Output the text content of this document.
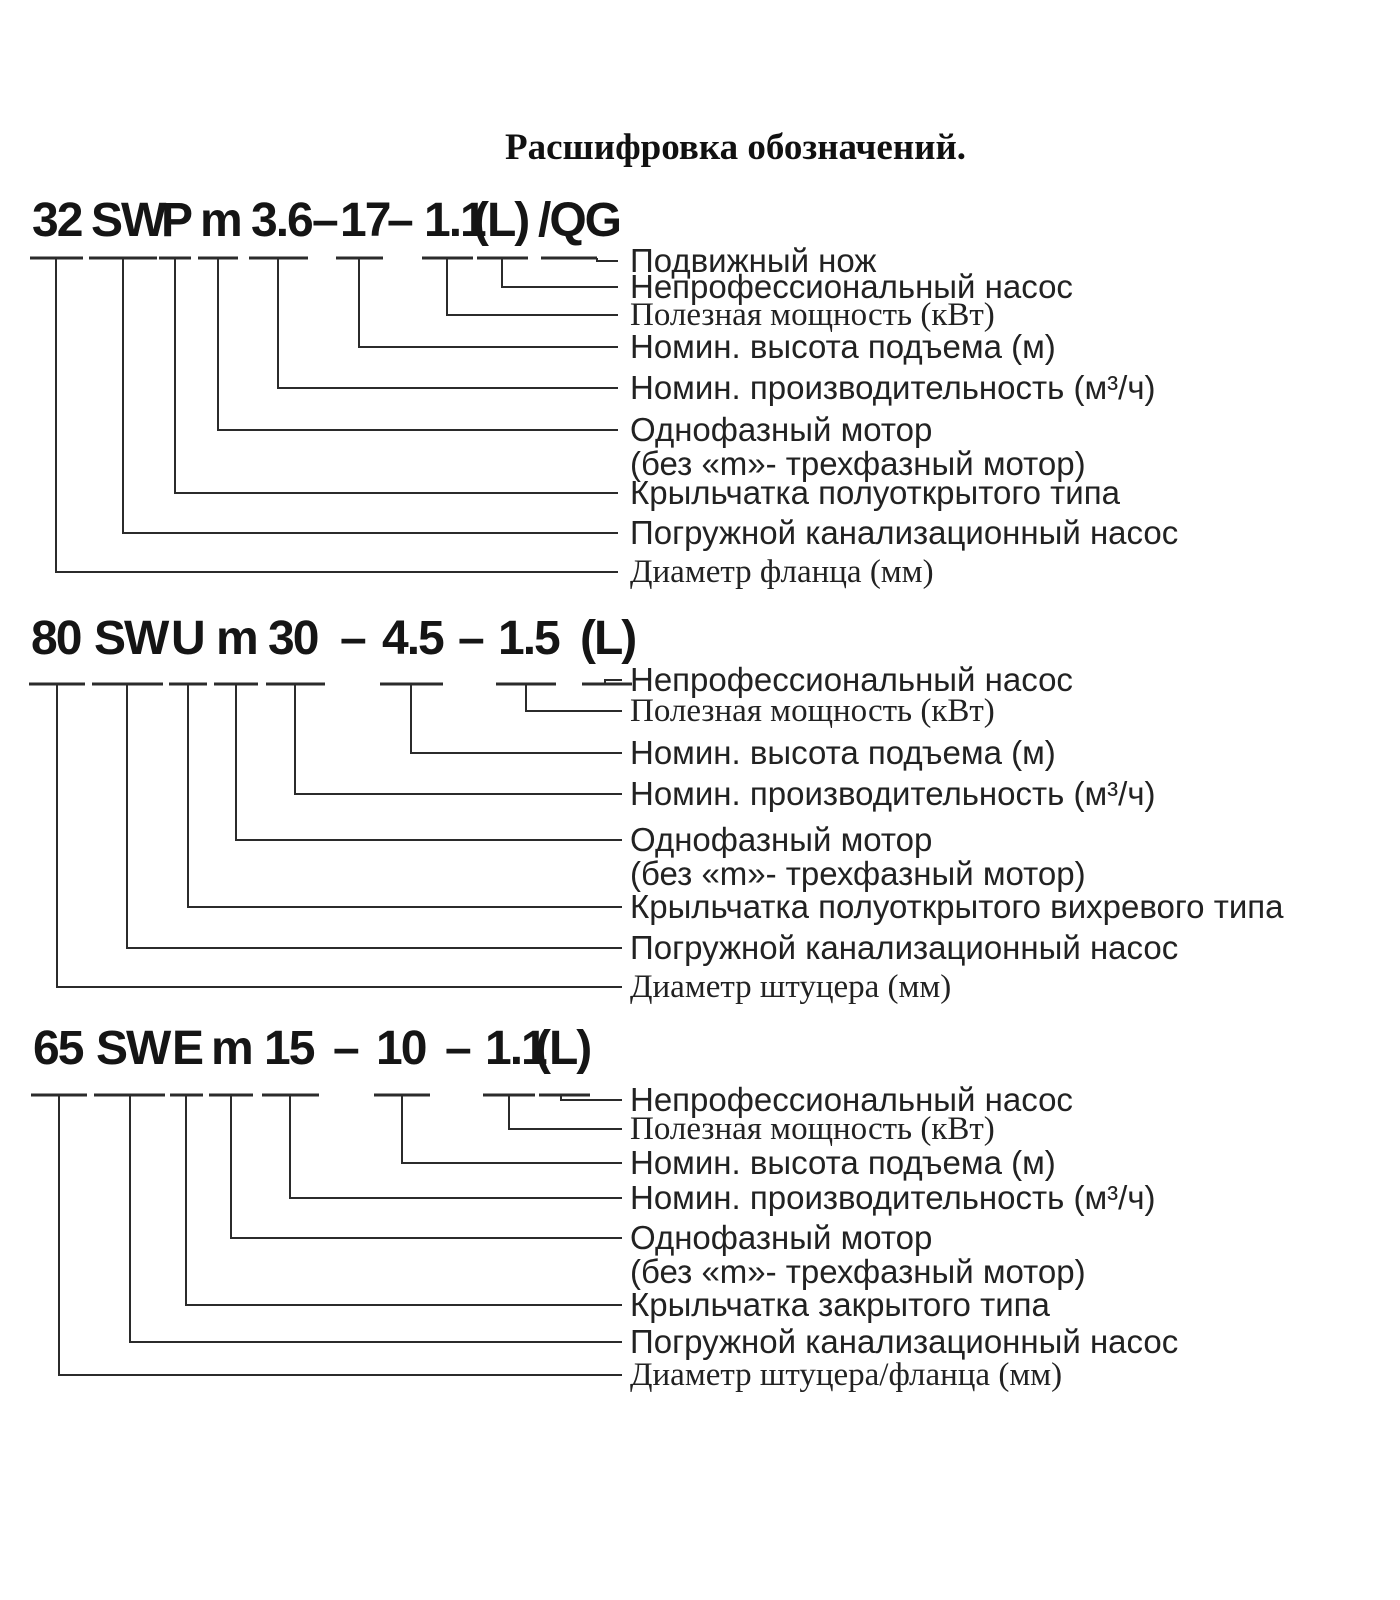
Расшифровка обозначений.
32 SW
P m 3.6 – 17
– 1.1
(L) /QG
Подвижный нож
Непрофессиональный насос
Полезная мощность (кВт)
Номин. высота подъема (м)
Номин. производительность (м³/ч)
Однофазный мотор
(без «m»- трехфазный мотор)
Крыльчатка полуоткрытого типа
Погружной канализационный насос
Диаметр фланца (мм)
80 SW U m 30 – 4.5 – 1.5 (L)
Непрофессиональный насос
Полезная мощность (кВт)
Номин. высота подъема (м)
Номин. производительность (м³/ч)
Однофазный мотор
(без «m»- трехфазный мотор)
Крыльчатка полуоткрытого вихревого типа
Погружной канализационный насос
Диаметр штуцера (мм)
65 SW E m 15 – 10 – 1.1
(L)
Непрофессиональный насос
Полезная мощность (кВт)
Номин. высота подъема (м)
Номин. производительность (м³/ч)
Однофазный мотор
(без «m»- трехфазный мотор)
Крыльчатка закрытого типа
Погружной канализационный насос
Диаметр штуцера/фланца (мм)
